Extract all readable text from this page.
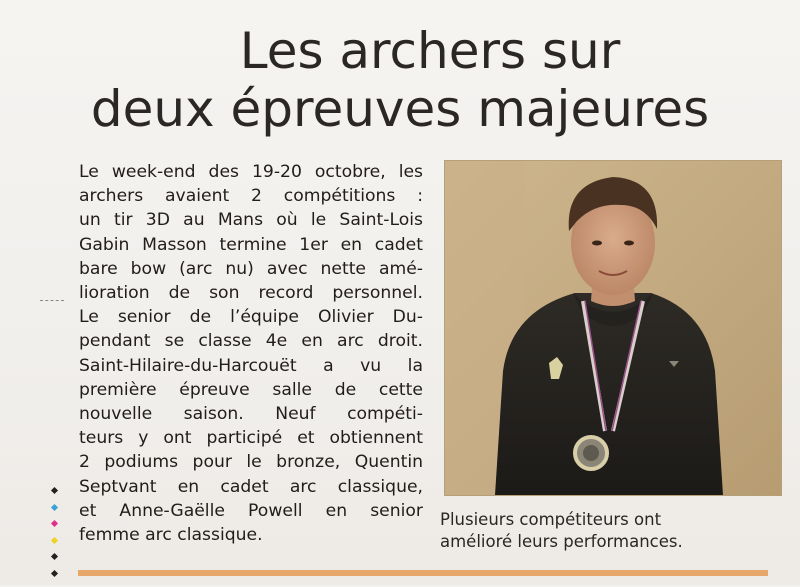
Les archers sur
deux épreuves majeures
Le week-end des 19-20 octobre, les
archers avaient 2 compétitions :
un tir 3D au Mans où le Saint-Lois
Gabin Masson termine 1er en cadet
bare bow (arc nu) avec nette amé-
lioration de son record personnel.
Le senior de l’équipe Olivier Du-
pendant se classe 4e en arc droit.
Saint-Hilaire-du-Harcouët a vu la
première épreuve salle de cette
nouvelle saison. Neuf compéti-
teurs y ont participé et obtiennent
2 podiums pour le bronze, Quentin
Septvant en cadet arc classique,
et Anne-Gaëlle Powell en senior
femme arc classique.
Plusieurs compétiteurs ont
amélioré leurs performances.
